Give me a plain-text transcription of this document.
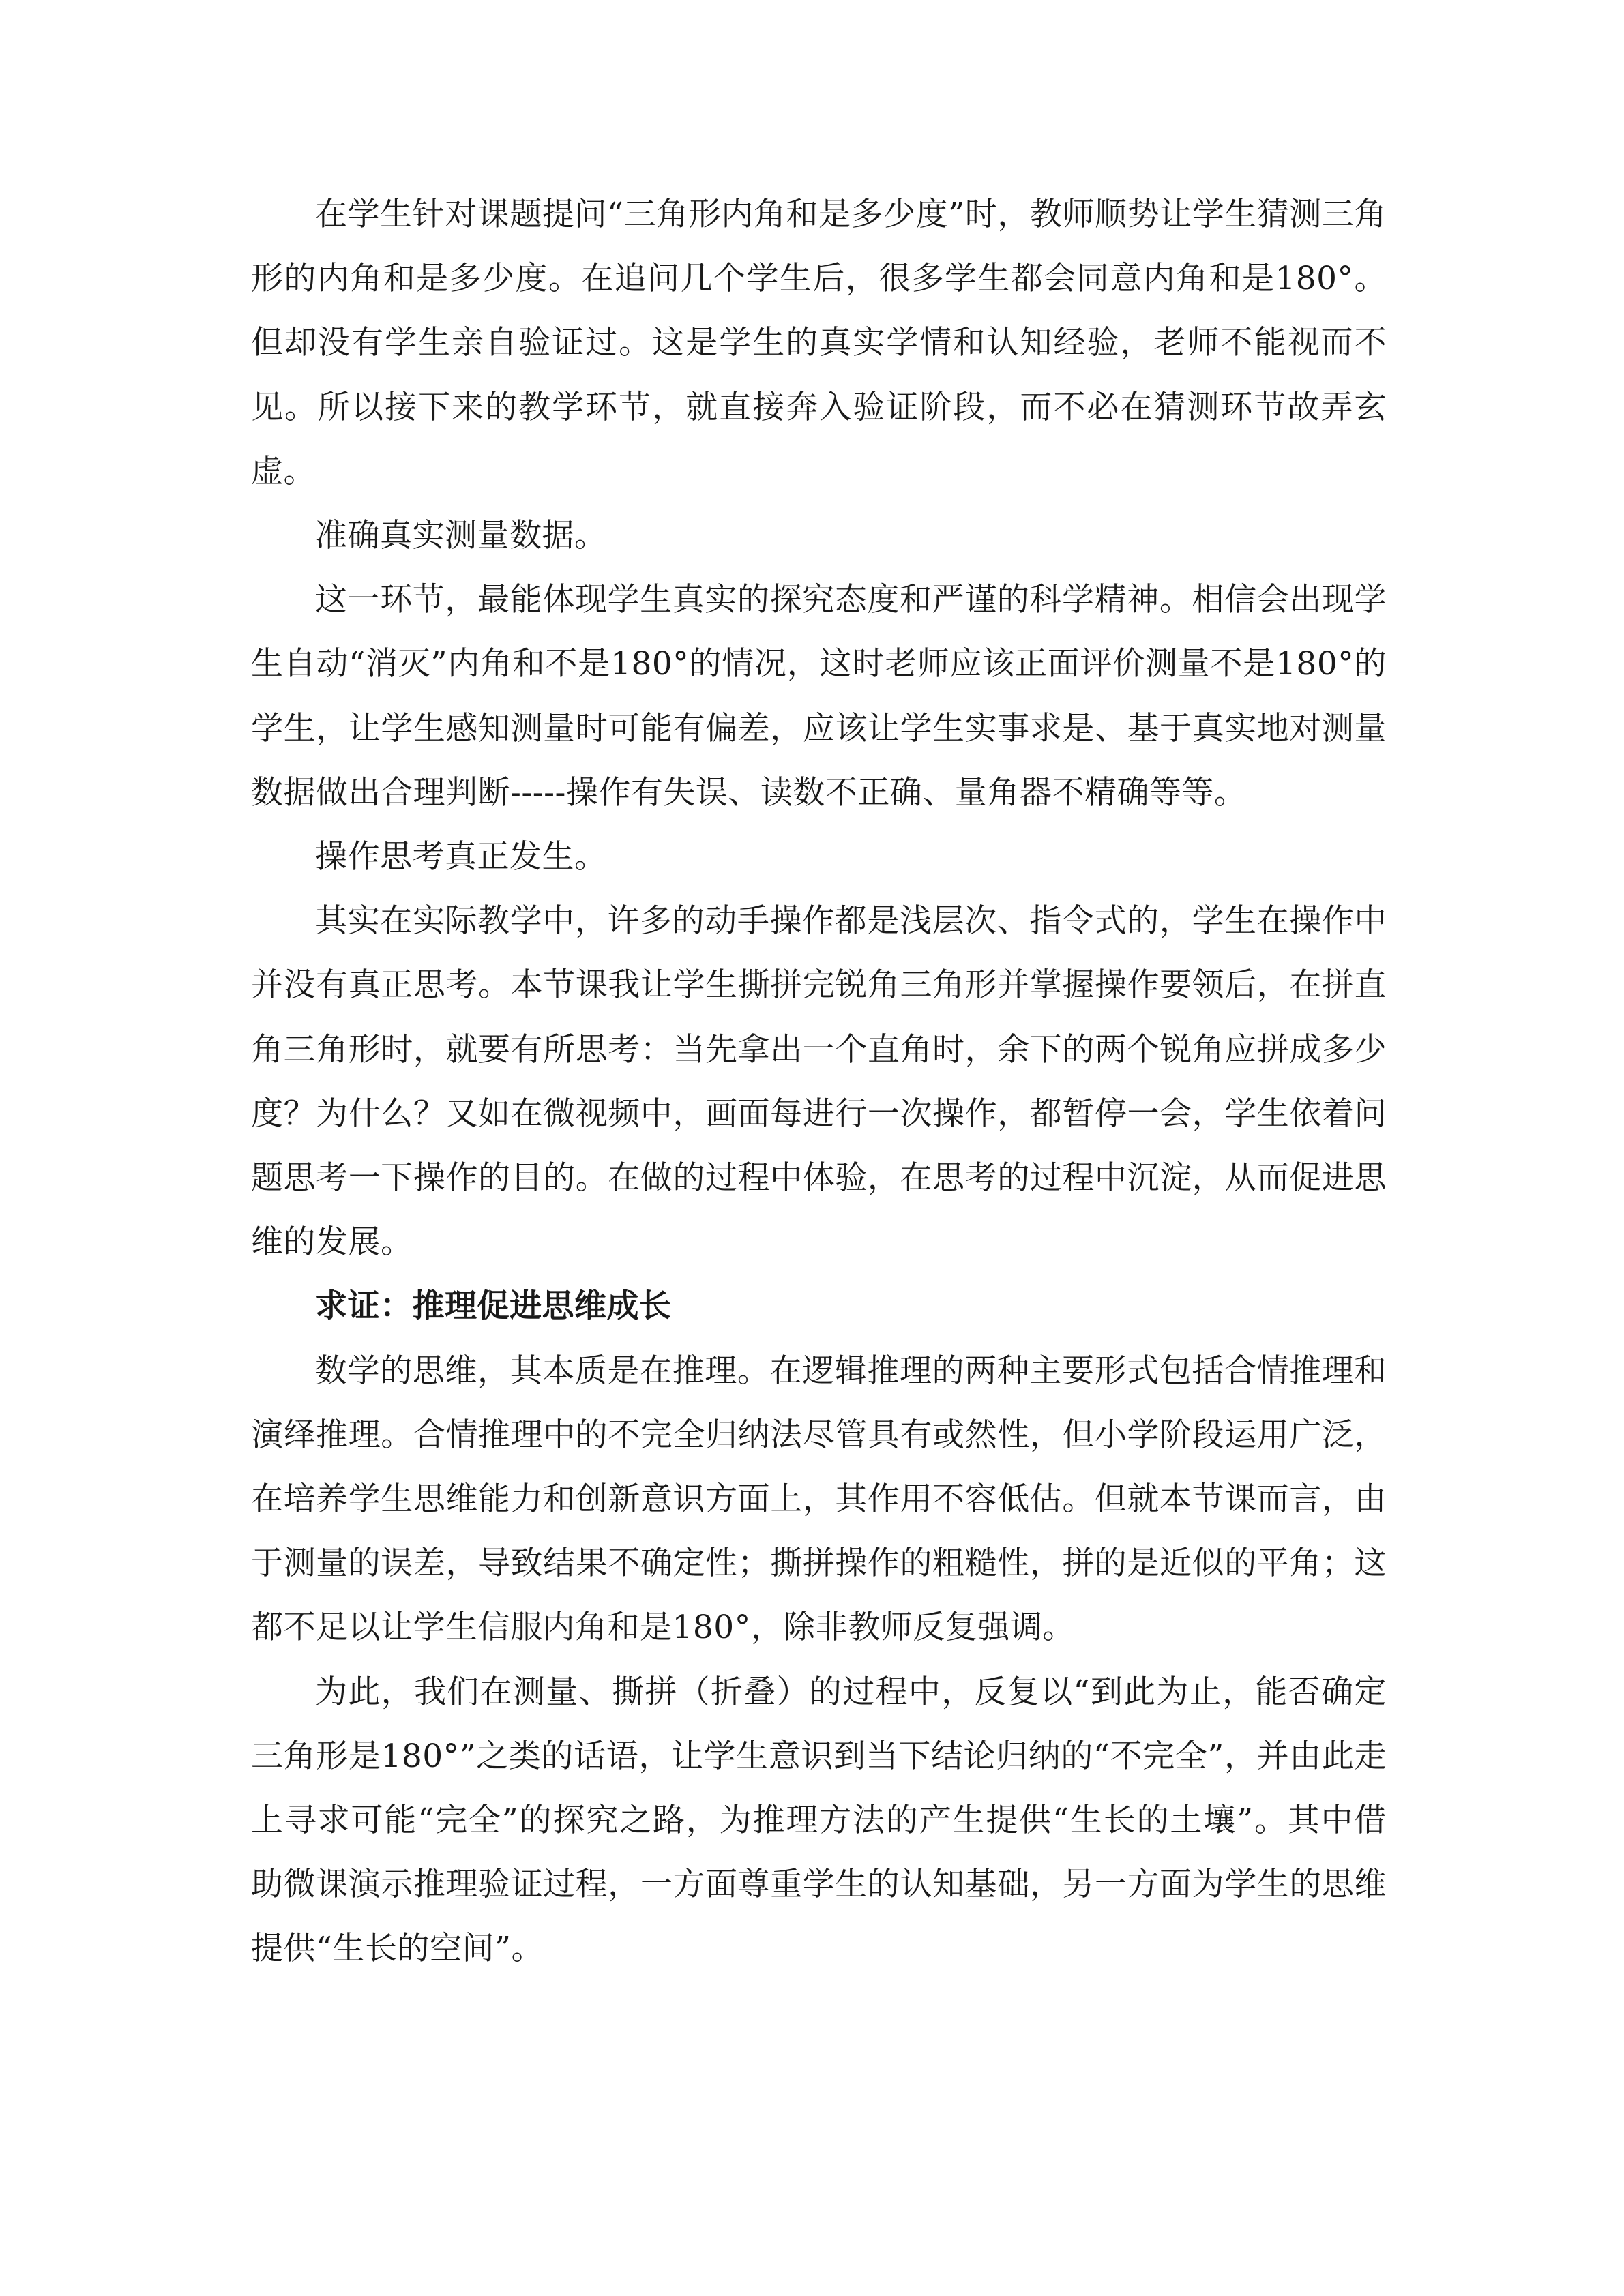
在学生针对课题提问“三角形内角和是多少度”时，教师顺势让学生猜测三角形的内角和是多少度。在追问几个学生后，很多学生都会同意内角和是180°。但却没有学生亲自验证过。这是学生的真实学情和认知经验，老师不能视而不见。所以接下来的教学环节，就直接奔入验证阶段，而不必在猜测环节故弄玄虚。

准确真实测量数据。

这一环节，最能体现学生真实的探究态度和严谨的科学精神。相信会出现学生自动“消灭”内角和不是180°的情况，这时老师应该正面评价测量不是180°的学生，让学生感知测量时可能有偏差，应该让学生实事求是、基于真实地对测量数据做出合理判断-----操作有失误、读数不正确、量角器不精确等等。

操作思考真正发生。

其实在实际教学中，许多的动手操作都是浅层次、指令式的，学生在操作中并没有真正思考。本节课我让学生撕拼完锐角三角形并掌握操作要领后，在拼直角三角形时，就要有所思考：当先拿出一个直角时，余下的两个锐角应拼成多少度？为什么？又如在微视频中，画面每进行一次操作，都暂停一会，学生依着问题思考一下操作的目的。在做的过程中体验，在思考的过程中沉淀，从而促进思维的发展。

求证：推理促进思维成长

数学的思维，其本质是在推理。在逻辑推理的两种主要形式包括合情推理和演绎推理。合情推理中的不完全归纳法尽管具有或然性，但小学阶段运用广泛，在培养学生思维能力和创新意识方面上，其作用不容低估。但就本节课而言，由于测量的误差，导致结果不确定性；撕拼操作的粗糙性，拼的是近似的平角；这都不足以让学生信服内角和是180°，除非教师反复强调。

为此，我们在测量、撕拼（折叠）的过程中，反复以“到此为止，能否确定三角形是180°”之类的话语，让学生意识到当下结论归纳的“不完全”，并由此走上寻求可能“完全”的探究之路，为推理方法的产生提供“生长的土壤”。其中借助微课演示推理验证过程，一方面尊重学生的认知基础，另一方面为学生的思维提供“生长的空间”。
